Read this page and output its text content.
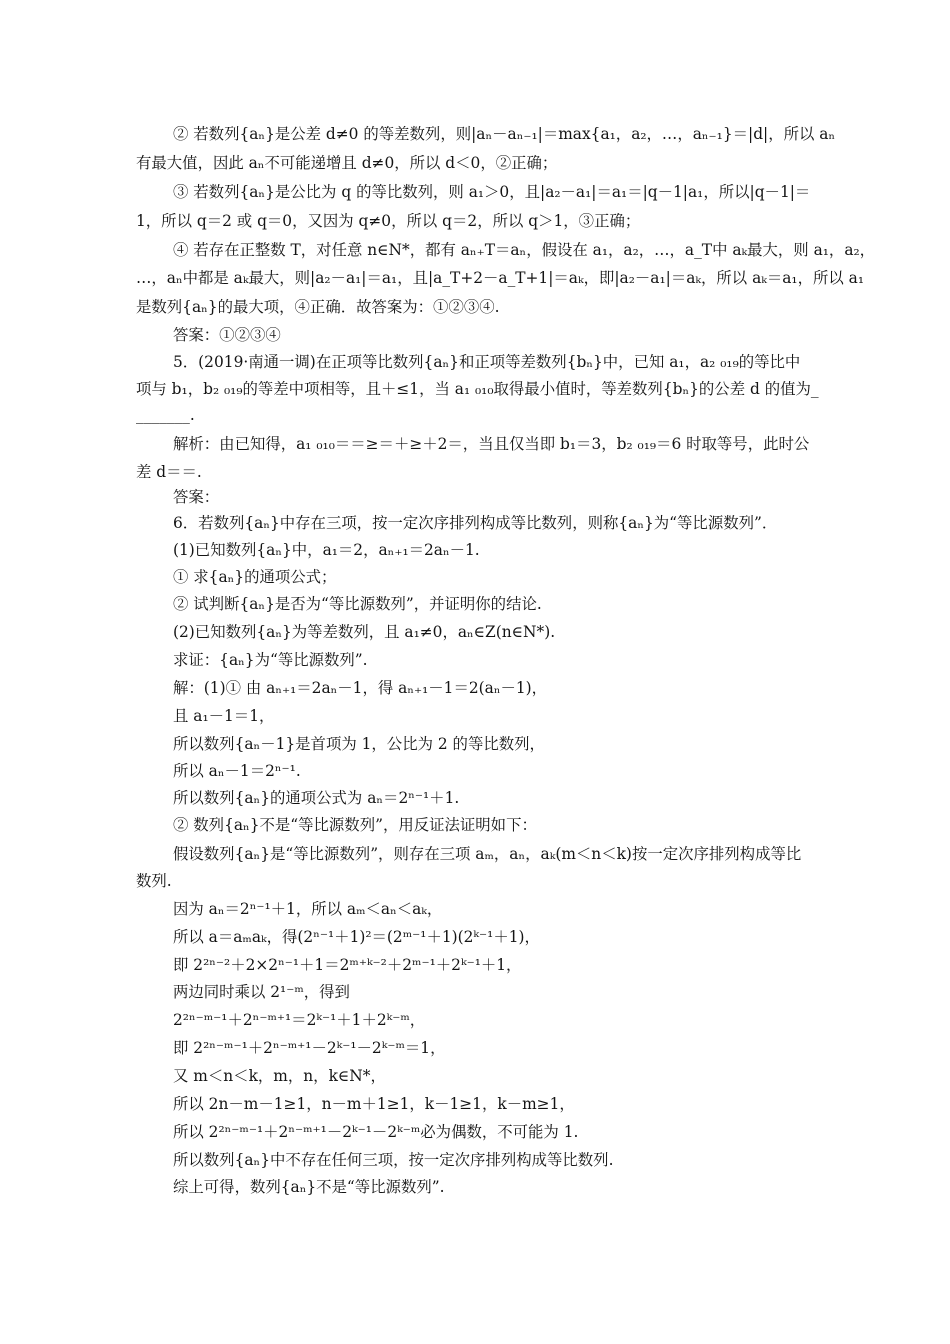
② 若数列{aₙ}是公差 d≠0 的等差数列，则|aₙ－aₙ₋₁|＝max{a₁，a₂，…，aₙ₋₁}＝|d|，所以 aₙ
有最大值，因此 aₙ不可能递增且 d≠0，所以 d＜0，②正确；
③ 若数列{aₙ}是公比为 q 的等比数列，则 a₁＞0，且|a₂－a₁|＝a₁＝|q－1|a₁，所以|q－1|＝
1，所以 q＝2 或 q＝0，又因为 q≠0，所以 q＝2，所以 q＞1，③正确；
④ 若存在正整数 T，对任意 n∈N*，都有 aₙ₊T＝aₙ，假设在 a₁，a₂，…，a_T中 aₖ最大，则 a₁，a₂，
…，aₙ中都是 aₖ最大，则|a₂－a₁|＝a₁，且|a_T+2－a_T+1|＝aₖ，即|a₂－a₁|＝aₖ，所以 aₖ＝a₁，所以 a₁
是数列{aₙ}的最大项，④正确．故答案为：①②③④.
答案：①②③④
5．(2019·南通一调)在正项等比数列{aₙ}和正项等差数列{bₙ}中，已知 a₁，a₂ ₀₁₉的等比中
项与 b₁，b₂ ₀₁₉的等差中项相等，且＋≤1，当 a₁ ₀₁₀取得最小值时，等差数列{bₙ}的公差 d 的值为_
_______.
解析：由已知得，a₁ ₀₁₀＝＝≥＝＋≥＋2＝，当且仅当即 b₁＝3，b₂ ₀₁₉＝6 时取等号，此时公
差 d＝＝.
答案：
6．若数列{aₙ}中存在三项，按一定次序排列构成等比数列，则称{aₙ}为“等比源数列”．
(1)已知数列{aₙ}中，a₁＝2，aₙ₊₁＝2aₙ－1.
① 求{aₙ}的通项公式；
② 试判断{aₙ}是否为“等比源数列”，并证明你的结论.
(2)已知数列{aₙ}为等差数列，且 a₁≠0，aₙ∈Z(n∈N*).
求证：{aₙ}为“等比源数列”.
解：(1)① 由 aₙ₊₁＝2aₙ－1，得 aₙ₊₁－1＝2(aₙ－1)，
且 a₁－1＝1，
所以数列{aₙ－1}是首项为 1，公比为 2 的等比数列，
所以 aₙ－1＝2ⁿ⁻¹.
所以数列{aₙ}的通项公式为 aₙ＝2ⁿ⁻¹＋1.
② 数列{aₙ}不是“等比源数列”，用反证法证明如下：
假设数列{aₙ}是“等比源数列”，则存在三项 aₘ，aₙ，aₖ(m＜n＜k)按一定次序排列构成等比
数列.
因为 aₙ＝2ⁿ⁻¹＋1，所以 aₘ＜aₙ＜aₖ，
所以 a＝aₘaₖ，得(2ⁿ⁻¹＋1)²＝(2ᵐ⁻¹＋1)(2ᵏ⁻¹＋1)，
即 2²ⁿ⁻²＋2×2ⁿ⁻¹＋1＝2ᵐ⁺ᵏ⁻²＋2ᵐ⁻¹＋2ᵏ⁻¹＋1，
两边同时乘以 2¹⁻ᵐ，得到
2²ⁿ⁻ᵐ⁻¹＋2ⁿ⁻ᵐ⁺¹＝2ᵏ⁻¹＋1＋2ᵏ⁻ᵐ，
即 2²ⁿ⁻ᵐ⁻¹＋2ⁿ⁻ᵐ⁺¹－2ᵏ⁻¹－2ᵏ⁻ᵐ＝1，
又 m＜n＜k，m，n，k∈N*，
所以 2n－m－1≥1，n－m＋1≥1，k－1≥1，k－m≥1，
所以 2²ⁿ⁻ᵐ⁻¹＋2ⁿ⁻ᵐ⁺¹－2ᵏ⁻¹－2ᵏ⁻ᵐ必为偶数，不可能为 1.
所以数列{aₙ}中不存在任何三项，按一定次序排列构成等比数列.
综上可得，数列{aₙ}不是“等比源数列”.
